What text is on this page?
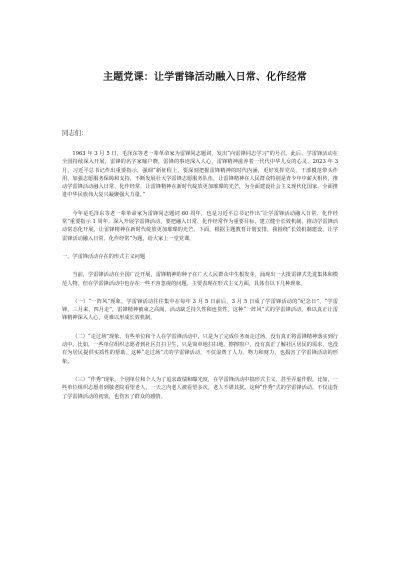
主题党课：让学雷锋活动融入日常、化作经常
同志们：

1963 年 3 月 5 日，毛泽东等老一辈革命家为雷锋同志题词，发出“向雷锋同志学习”的号召。此后，学雷锋活动在全国持续深入开展，雷锋的名字家喻户晓，雷锋的事迹深入人心，雷锋精神滋养着一代代中华儿女的心灵。2023 年 3 月，习近平总书记作出重要指示，强调“新征程上，要深刻把握雷锋精神的时代内涵，更好发挥党员、干部模范带头作用，加强志愿服务保障和支持，不断发展壮大学雷锋志愿服务队伍，让雷锋精神在人民群众特别是青少年中薪火相传，推动学雷锋活动融入日常、化作经常，让雷锋精神在新时代绽放更加璀璨的光芒，为全面建设社会主义现代化国家、全面推进中华民族伟大复兴凝聚强大力量。”

今年是毛泽东等老一辈革命家为雷锋同志题词 60 周年，也是习近平总书记作出“让学雷锋活动融入日常、化作经常”重要指示 1 周年。深入开展学雷锋活动，要把融入日常、化作经常作为重要目标，建立健全长效机制，推动学雷锋活动常态化开展，让雷锋精神在新时代绽放更加璀璨的光芒。下面，根据主题教育计划安排，我围绕“长效机制建设，让学雷锋活动融入日常、化作经常”为题，给大家上一堂党课。

一、学雷锋活动存在的形式主义问题

当前，学雷锋活动在全国广泛开展，雷锋精神的种子在广大人民群众中生根发芽，涌现出一大批雷锋式先进集体和模范人物。但在学雷锋活动中也存在一些不容忽视的问题。主要表现在形式主义方面，具体有以下几种现象。

（一）“一阵风”现象。学雷锋活动往往集中在每年 3 月 5 日前后，3 月 5 日成了学雷锋活动的“纪念日”，“学雷锋，三月来，四月走”，雷锋精神被束之高阁，活动缺乏持久性和连贯性。这种“一阵风”式的学雷锋活动，难以真正让雷锋精神深入人心，更难以形成长效机制。

（二）“走过场”现象。有些单位和个人在学雷锋活动中，只是为了完成任务而走过场，没有真正将雷锋精神落实到行动中。比如，一些单位组织志愿者到社区打扫卫生，只是简单地扫扫地、擦擦窗户，没有真正了解社区居民的需求，也没有为居民提供实质性的帮助。这种“走过场”式的学雷锋活动，不仅浪费了人力、物力和财力，也损害了学雷锋活动的形象。

（三）“作秀”现象。个别单位和个人为了追求政绩和曝光度，在学雷锋活动中搞形式主义，甚至弄虚作假。比如，一些单位组织志愿者到敬老院看望老人，一天之内老人被看望多次，老人不堪其扰。这种“作秀”式的学雷锋活动，不仅违背了学雷锋活动的初衷，也伤害了群众的感情。
